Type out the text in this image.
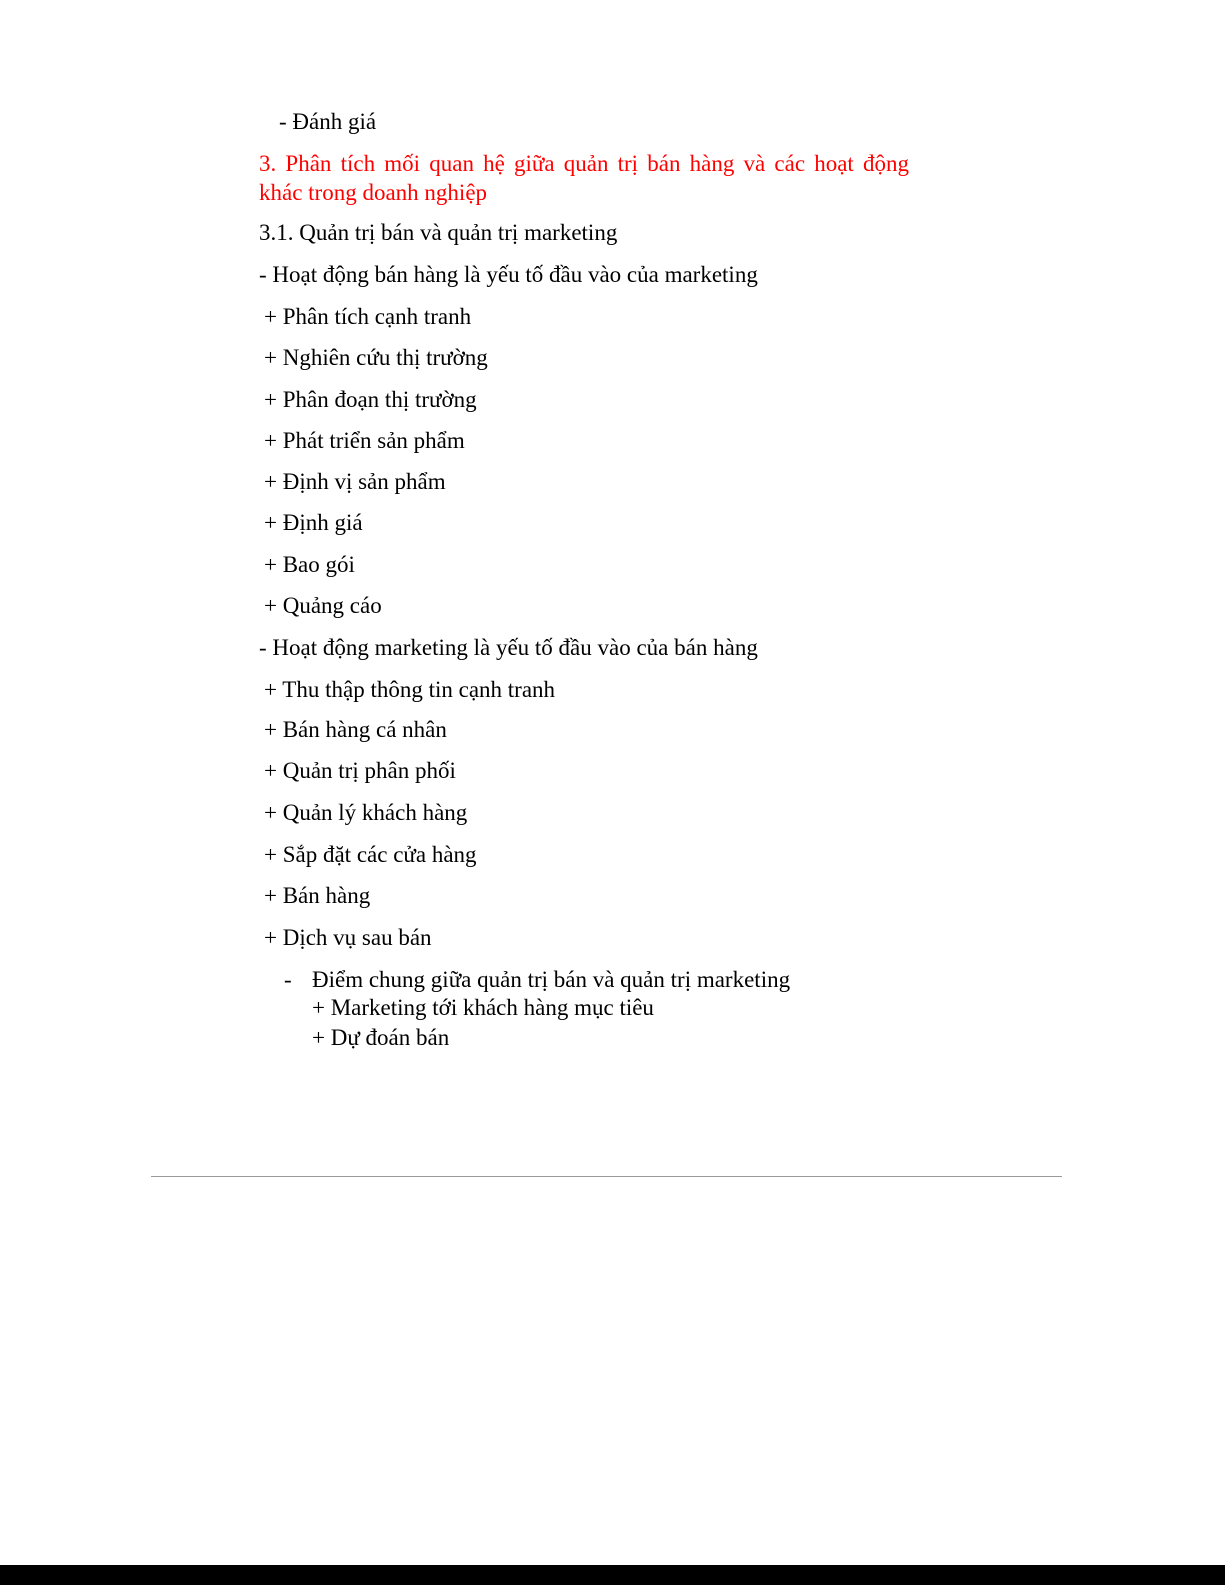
- Đánh giá
3. Phân tích mối quan hệ giữa quản trị bán hàng và các hoạt động khác trong doanh nghiệp
3.1. Quản trị bán và quản trị marketing
- Hoạt động bán hàng là yếu tố đầu vào của marketing
+ Phân tích cạnh tranh
+ Nghiên cứu thị trường
+ Phân đoạn thị trường
+ Phát triển sản phẩm
+ Định vị sản phẩm
+ Định giá
+ Bao gói
+ Quảng cáo
- Hoạt động marketing là yếu tố đầu vào của bán hàng
+ Thu thập thông tin cạnh tranh
+ Bán hàng cá nhân
+ Quản trị phân phối
+ Quản lý khách hàng
+ Sắp đặt các cửa hàng
+ Bán hàng
+ Dịch vụ sau bán
- Điểm chung giữa quản trị bán và quản trị marketing
+ Marketing tới khách hàng mục tiêu
+ Dự đoán bán
